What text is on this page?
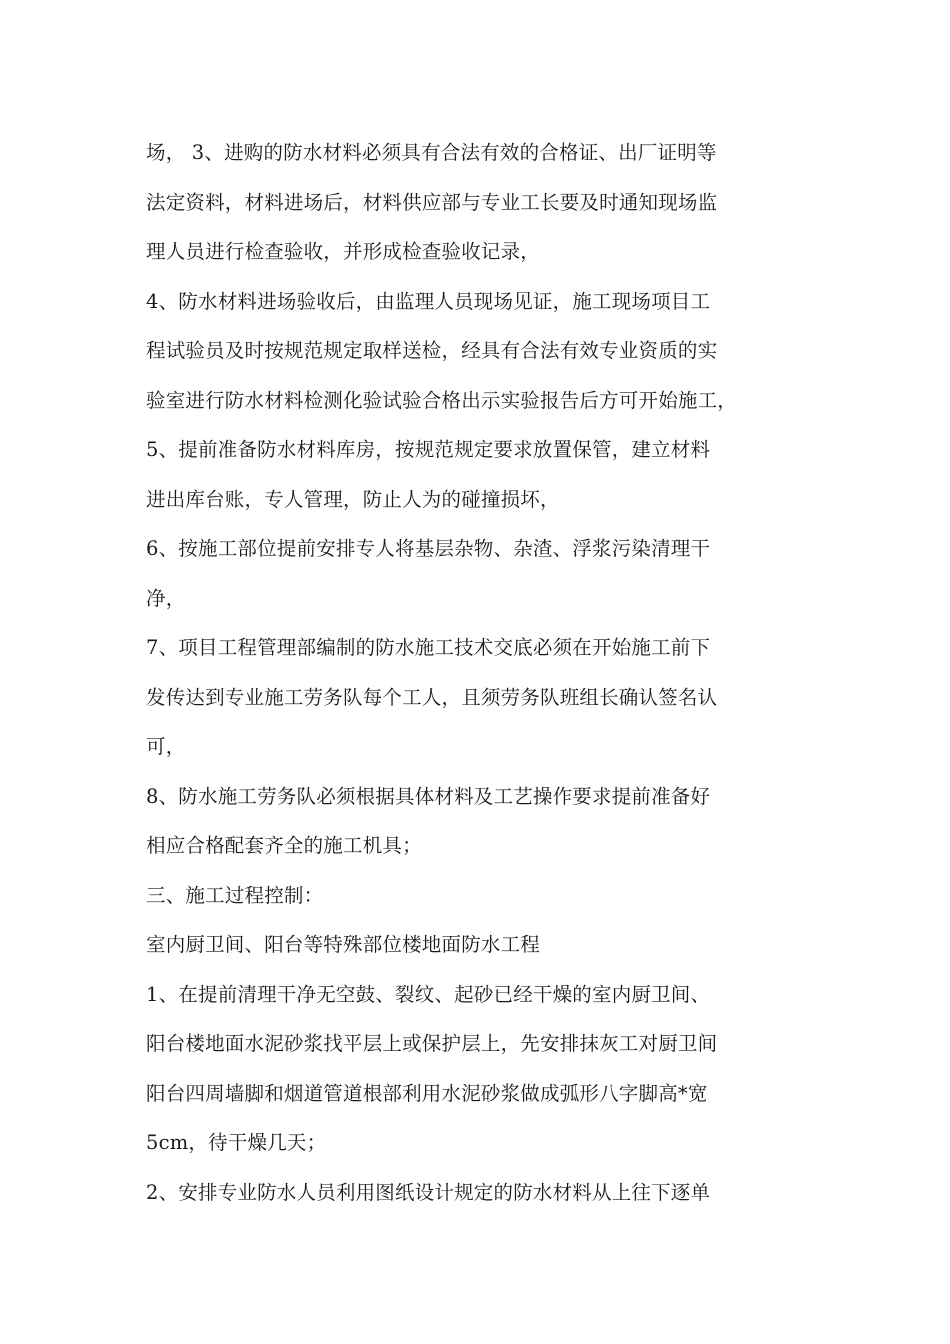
场， 3、进购的防水材料必须具有合法有效的合格证、出厂证明等
法定资料，材料进场后，材料供应部与专业工长要及时通知现场监
理人员进行检查验收，并形成检查验收记录，
4、防水材料进场验收后，由监理人员现场见证，施工现场项目工
程试验员及时按规范规定取样送检，经具有合法有效专业资质的实
验室进行防水材料检测化验试验合格出示实验报告后方可开始施工，
5、提前准备防水材料库房，按规范规定要求放置保管，建立材料
进出库台账，专人管理，防止人为的碰撞损坏，
6、按施工部位提前安排专人将基层杂物、杂渣、浮浆污染清理干
净，
7、项目工程管理部编制的防水施工技术交底必须在开始施工前下
发传达到专业施工劳务队每个工人，且须劳务队班组长确认签名认
可，
8、防水施工劳务队必须根据具体材料及工艺操作要求提前准备好
相应合格配套齐全的施工机具；
三、施工过程控制：
室内厨卫间、阳台等特殊部位楼地面防水工程
1、在提前清理干净无空鼓、裂纹、起砂已经干燥的室内厨卫间、
阳台楼地面水泥砂浆找平层上或保护层上，先安排抹灰工对厨卫间
阳台四周墙脚和烟道管道根部利用水泥砂浆做成弧形八字脚高*宽
5cm，待干燥几天；
2、安排专业防水人员利用图纸设计规定的防水材料从上往下逐单
